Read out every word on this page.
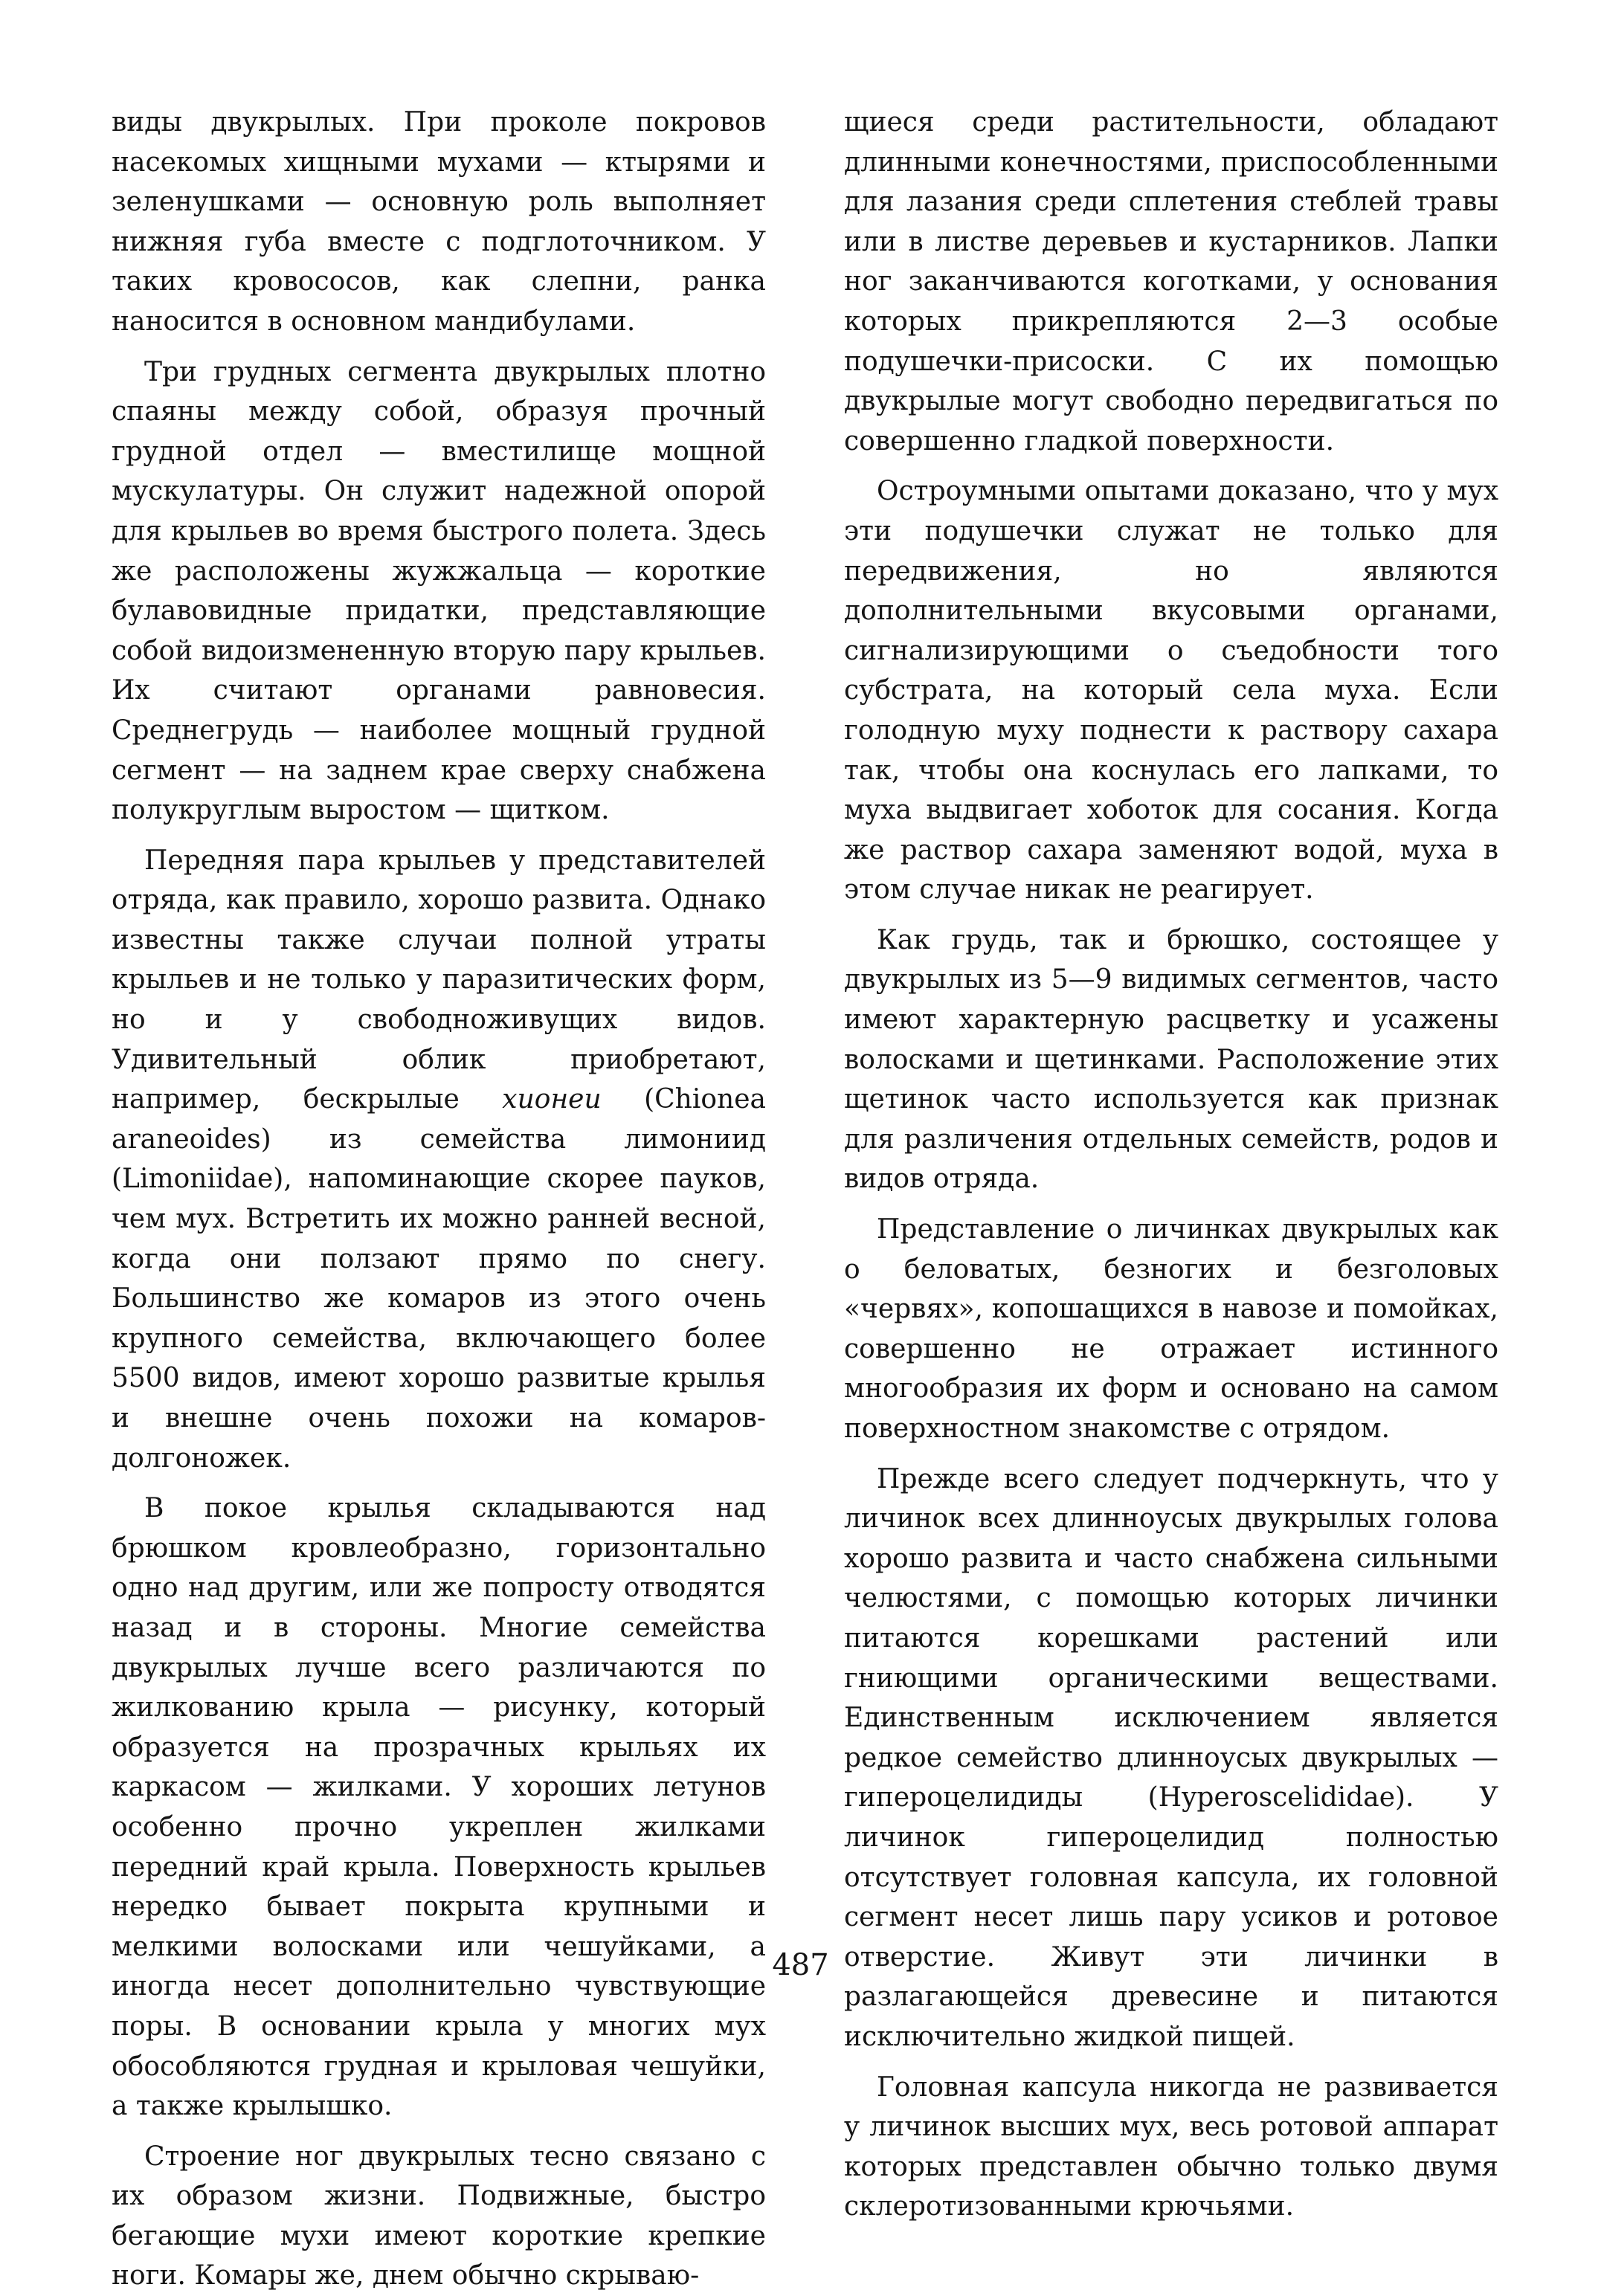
виды двукрылых. При проколе покровов насекомых хищными мухами — ктырями и зеленушками — основную роль выполняет нижняя губа вместе с подглоточником. У таких кровососов, как слепни, ранка наносится в основном мандибулами.

Три грудных сегмента двукрылых плотно спаяны между собой, образуя прочный грудной отдел — вместилище мощной мускулатуры. Он служит надежной опорой для крыльев во время быстрого полета. Здесь же расположены жужжальца — короткие булавовидные придатки, представляющие собой видоизмененную вторую пару крыльев. Их считают органами равновесия. Среднегрудь — наиболее мощный грудной сегмент — на заднем крае сверху снабжена полукруглым выростом — щитком.

Передняя пара крыльев у представителей отряда, как правило, хорошо развита. Однако известны также случаи полной утраты крыльев и не только у паразитических форм, но и у свободноживущих видов. Удивительный облик приобретают, например, бескрылые хионеи (Chionea araneoides) из семейства лимониид (Limoniidae), напоминающие скорее пауков, чем мух. Встретить их можно ранней весной, когда они ползают прямо по снегу. Большинство же комаров из этого очень крупного семейства, включающего более 5500 видов, имеют хорошо развитые крылья и внешне очень похожи на комаров-долгоножек.

В покое крылья складываются над брюшком кровлеобразно, горизонтально одно над другим, или же попросту отводятся назад и в стороны. Многие семейства двукрылых лучше всего различаются по жилкованию крыла — рисунку, который образуется на прозрачных крыльях их каркасом — жилками. У хороших летунов особенно прочно укреплен жилками передний край крыла. Поверхность крыльев нередко бывает покрыта крупными и мелкими волосками или чешуйками, а иногда несет дополнительно чувствующие поры. В основании крыла у многих мух обособляются грудная и крыловая чешуйки, а также крылышко.

Строение ног двукрылых тесно связано с их образом жизни. Подвижные, быстро бегающие мухи имеют короткие крепкие ноги. Комары же, днем обычно скрываю-

щиеся среди растительности, обладают длинными конечностями, приспособленными для лазания среди сплетения стеблей травы или в листве деревьев и кустарников. Лапки ног заканчиваются коготками, у основания которых прикрепляются 2—3 особые подушечки-присоски. С их помощью двукрылые могут свободно передвигаться по совершенно гладкой поверхности.

Остроумными опытами доказано, что у мух эти подушечки служат не только для передвижения, но являются дополнительными вкусовыми органами, сигнализирующими о съедобности того субстрата, на который села муха. Если голодную муху поднести к раствору сахара так, чтобы она коснулась его лапками, то муха выдвигает хоботок для сосания. Когда же раствор сахара заменяют водой, муха в этом случае никак не реагирует.

Как грудь, так и брюшко, состоящее у двукрылых из 5—9 видимых сегментов, часто имеют характерную расцветку и усажены волосками и щетинками. Расположение этих щетинок часто используется как признак для различения отдельных семейств, родов и видов отряда.

Представление о личинках двукрылых как о беловатых, безногих и безголовых «червях», копошащихся в навозе и помойках, совершенно не отражает истинного многообразия их форм и основано на самом поверхностном знакомстве с отрядом.

Прежде всего следует подчеркнуть, что у личинок всех длинноусых двукрылых голова хорошо развита и часто снабжена сильными челюстями, с помощью которых личинки питаются корешками растений или гниющими органическими веществами. Единственным исключением является редкое семейство длинноусых двукрылых — гипероцелидиды (Hyperoscelididae). У личинок гипероцелидид полностью отсутствует головная капсула, их головной сегмент несет лишь пару усиков и ротовое отверстие. Живут эти личинки в разлагающейся древесине и питаются исключительно жидкой пищей.

Головная капсула никогда не развивается у личинок высших мух, весь ротовой аппарат которых представлен обычно только двумя склеротизованными крючьями.

487
